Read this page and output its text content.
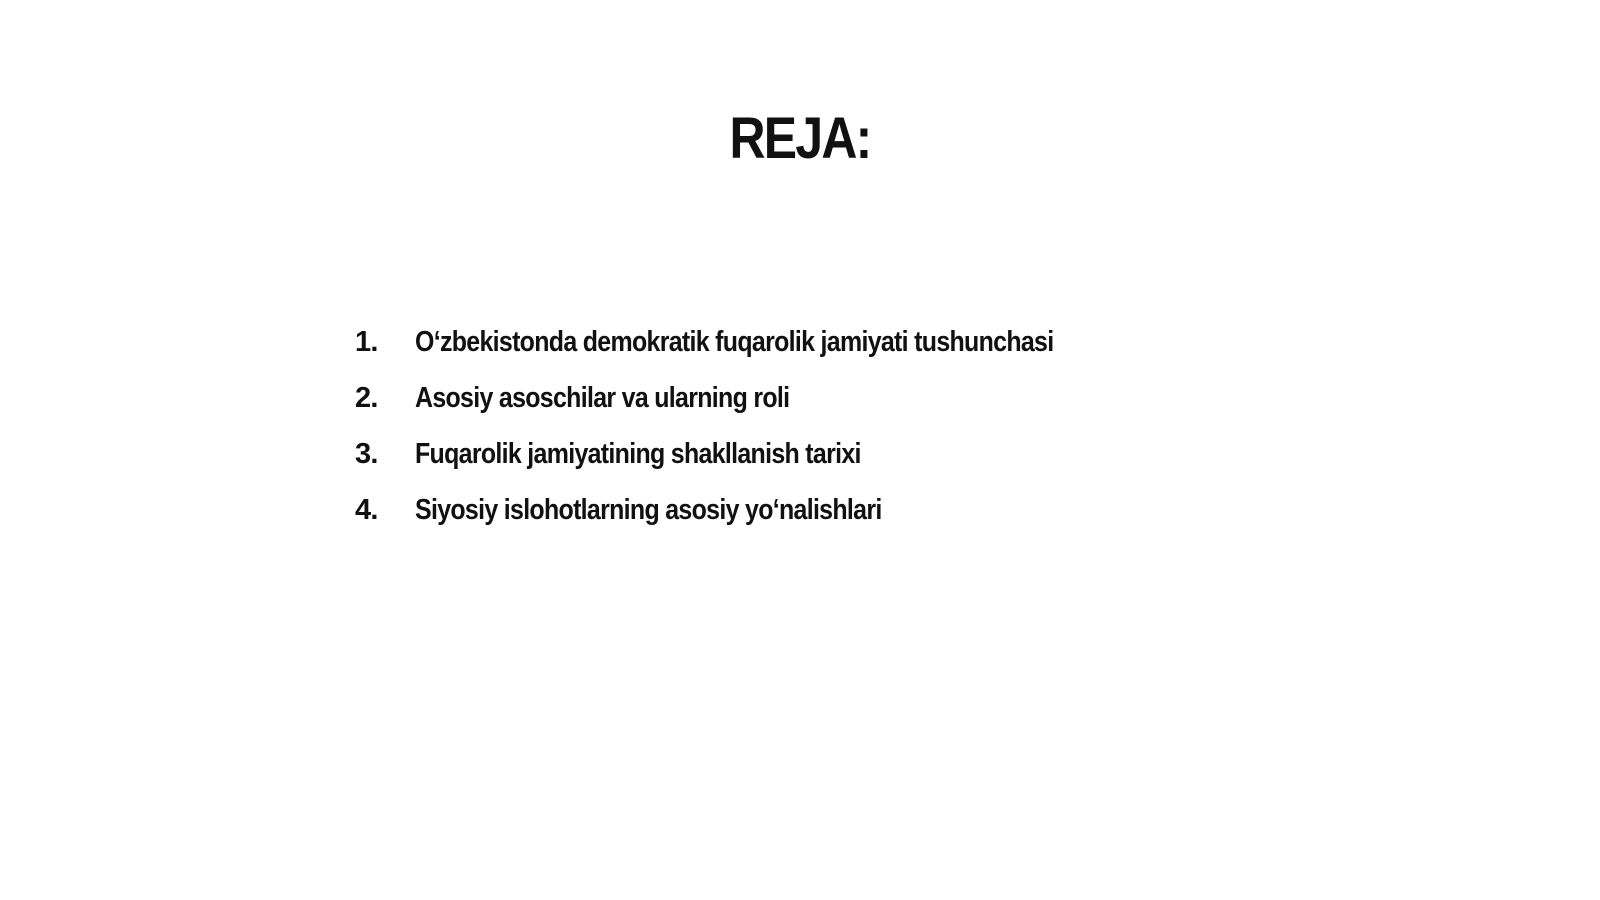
REJA:
1.	O‘zbekistonda demokratik fuqarolik jamiyati tushunchasi
2.	Asosiy asoschilar va ularning roli
3.	Fuqarolik jamiyatining shakllanish tarixi
4.	Siyosiy islohotlarning asosiy yo‘nalishlari
